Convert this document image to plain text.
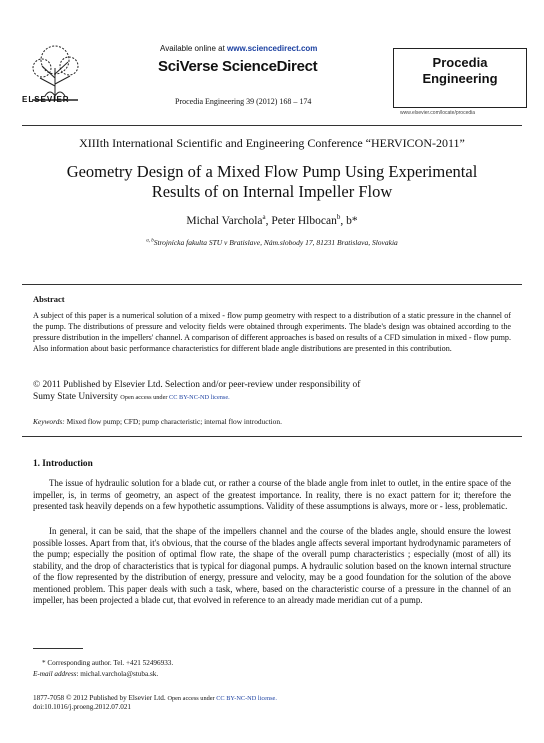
ELSEVIER
Available online at www.sciencedirect.com
SciVerse ScienceDirect
Procedia Engineering 39 (2012) 168 – 174
Procedia
Engineering
www.elsevier.com/locate/procedia
XIIIth International Scientific and Engineering Conference “HERVICON-2011”
Geometry Design of a Mixed Flow Pump Using Experimental
Results of on Internal Impeller Flow
Michal Varchola$^a$, Peter Hlbocan$^b$, b*
$^{a, b}$Strojnícka fakulta STU v Bratislave, Nám.slobody 17, 81231 Bratislava, Slovakia
Abstract
A subject of this paper is a numerical solution of a mixed - flow pump geometry with respect to a distribution of a static pressure in the channel of the pump. The distributions of pressure and velocity fields were obtained through experiments. The blade's design was obtained according to the pressure distribution in the impellers' channel. A comparison of different approaches is based on results of a CFD simulation in mixed - flow pump. Also information about basic performance characteristics for different blade angle distributions are presented in this contribution.
© 2011 Published by Elsevier Ltd. Selection and/or peer-review under responsibility of
Sumy State University Open access under CC BY-NC-ND license.
Keywords: Mixed flow pump; CFD; pump characteristic; internal flow introduction.
1. Introduction
The issue of hydraulic solution for a blade cut, or rather a course of the blade angle from inlet to outlet, in the entire space of the impeller, is, in terms of geometry, an aspect of the greatest importance. In reality, there is no exact pattern for it; therefore the presented task heavily depends on a few hypothetic assumptions. Validity of these assumptions is always, more or - less, problematic.
In general, it can be said, that the shape of the impellers channel and the course of the blades angle, should ensure the lowest possible losses. Apart from that, it's obvious, that the course of the blades angle affects several important hydrodynamic parameters of the pump; especially the position of optimal flow rate, the shape of the overall pump characteristics ; especially (most of all) its stability, and the drop of characteristics that is typical for diagonal pumps. A hydraulic solution based on the known internal structure of the flow represented by the distribution of energy, pressure and velocity, may be a good foundation for the solution of the above mentioned problem. This paper deals with such a task, where, based on the characteristic course of a pressure in the channel of an impeller, has been projected a blade cut, that evolved in reference to an already made meridian cut of a pump.
* Corresponding author. Tel. +421 52496933.
E-mail address: michal.varchola@stuba.sk.
1877-7058 © 2012 Published by Elsevier Ltd. Open access under CC BY-NC-ND license.
doi:10.1016/j.proeng.2012.07.021
